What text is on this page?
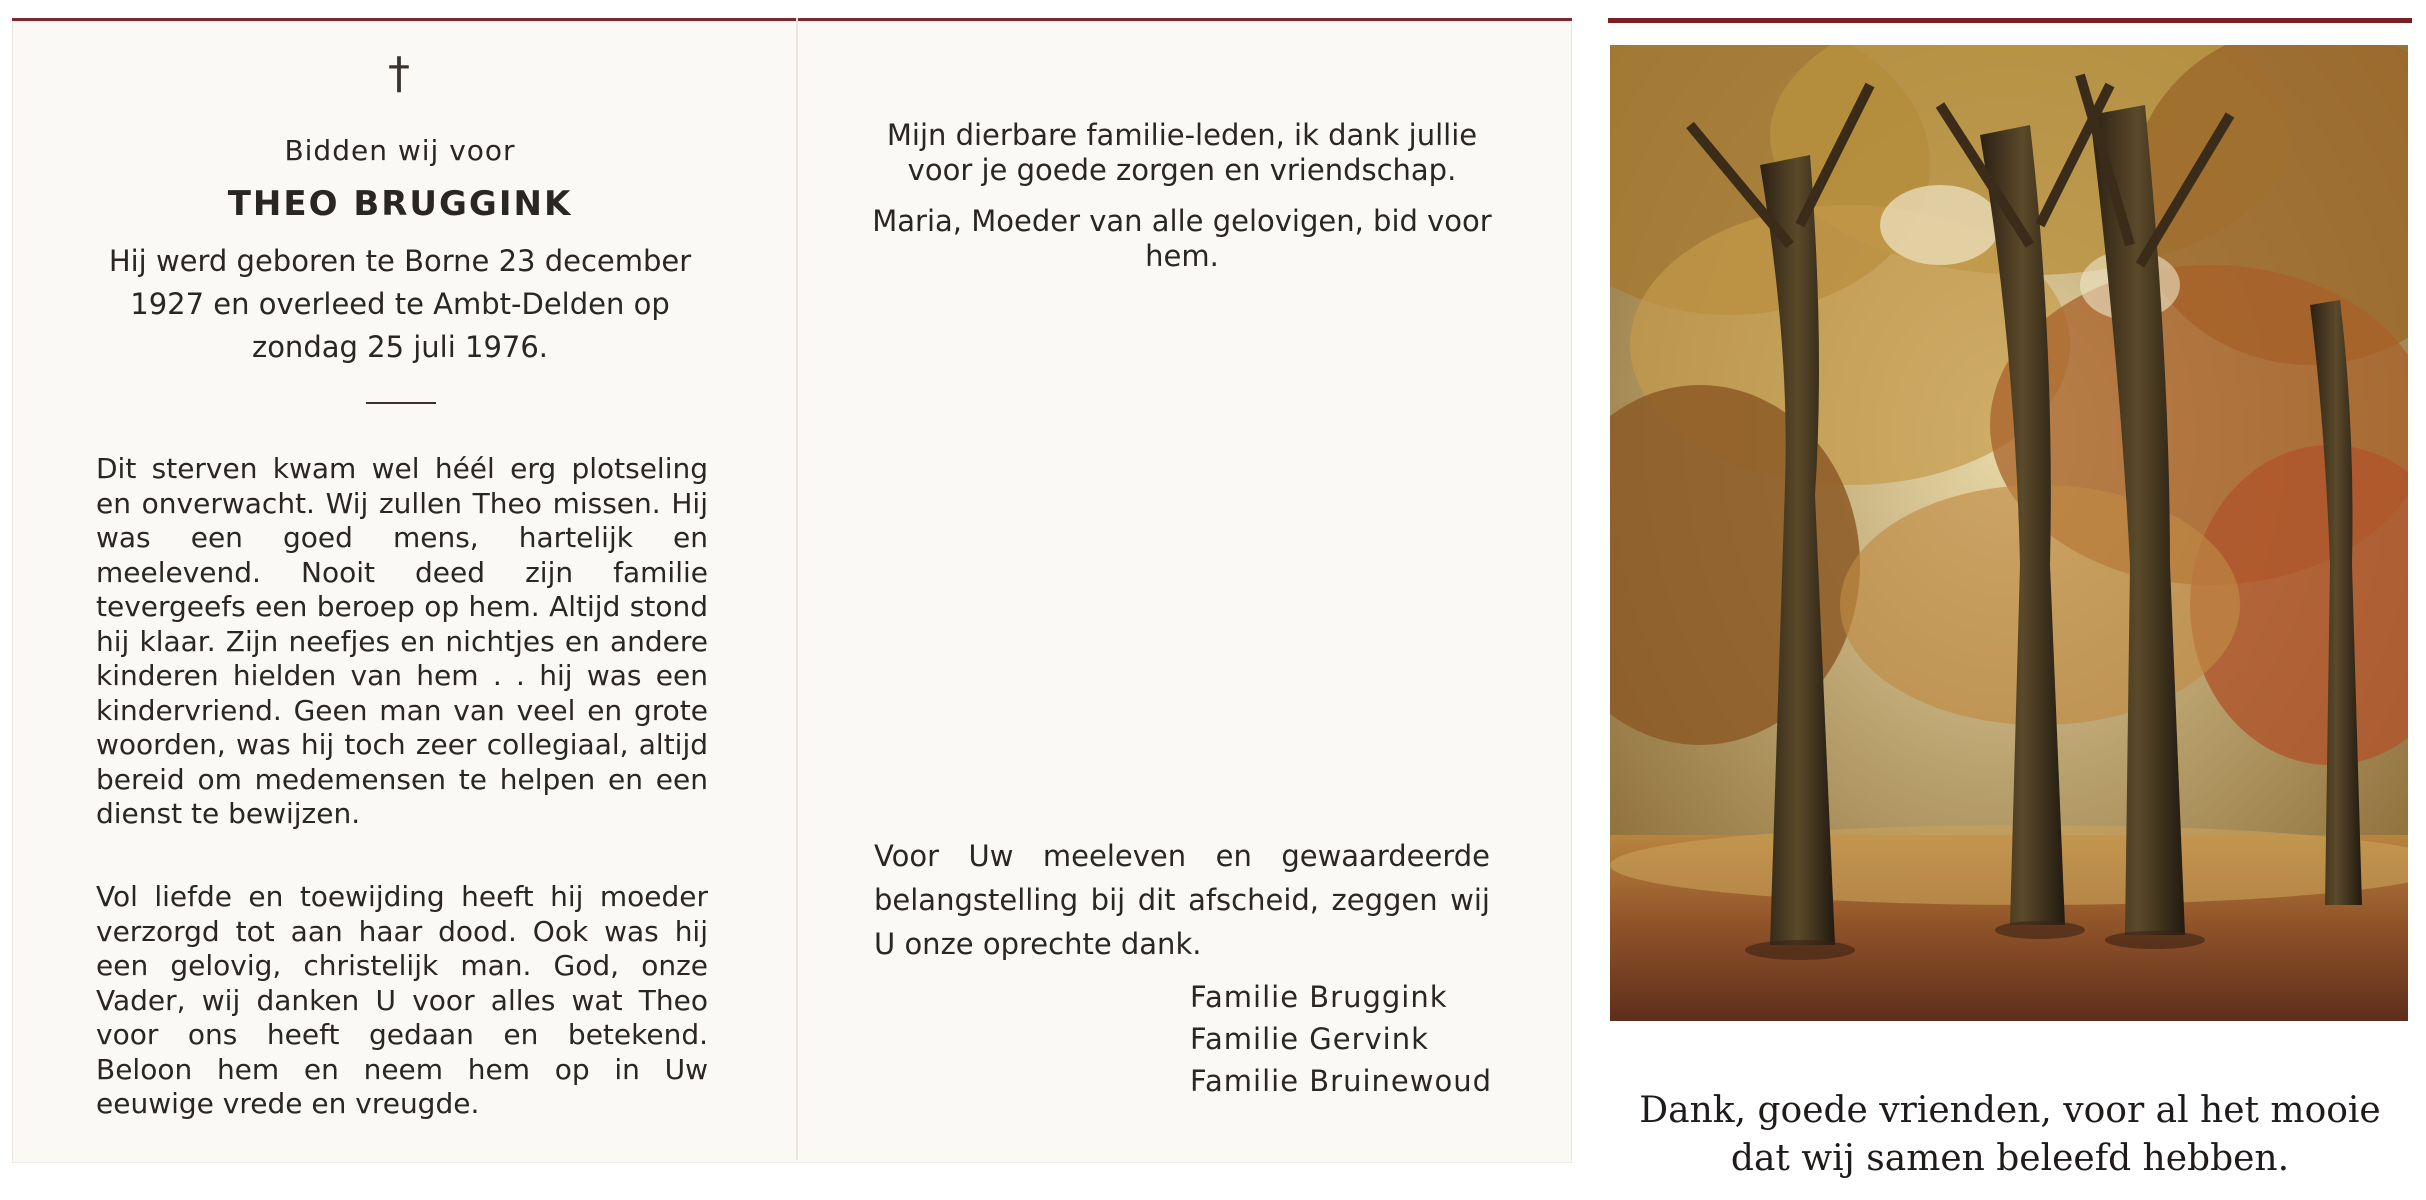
†
Bidden wij voor
THEO BRUGGINK
Hij werd geboren te Borne 23 december 1927 en overleed te Ambt-Delden op zondag 25 juli 1976.

Dit sterven kwam wel héél erg plotseling en onverwacht. Wij zullen Theo missen. Hij was een goed mens, hartelijk en meelevend. Nooit deed zijn familie tevergeefs een beroep op hem. Altijd stond hij klaar. Zijn neefjes en nichtjes en andere kinderen hielden van hem . . hij was een kindervriend. Geen man van veel en grote woorden, was hij toch zeer collegiaal, altijd bereid om medemensen te helpen en een dienst te bewijzen.

Vol liefde en toewijding heeft hij moeder verzorgd tot aan haar dood. Ook was hij een gelovig, christelijk man. God, onze Vader, wij danken U voor alles wat Theo voor ons heeft gedaan en betekend. Beloon hem en neem hem op in Uw eeuwige vrede en vreugde.

Mijn dierbare familie-leden, ik dank jullie voor je goede zorgen en vriendschap.

Maria, Moeder van alle gelovigen, bid voor hem.

Voor Uw meeleven en gewaardeerde belangstelling bij dit afscheid, zeggen wij U onze oprechte dank.

Familie Bruggink
Familie Gervink
Familie Bruinewoud
Dank, goede vrienden, voor al het mooie
dat wij samen beleefd hebben.
